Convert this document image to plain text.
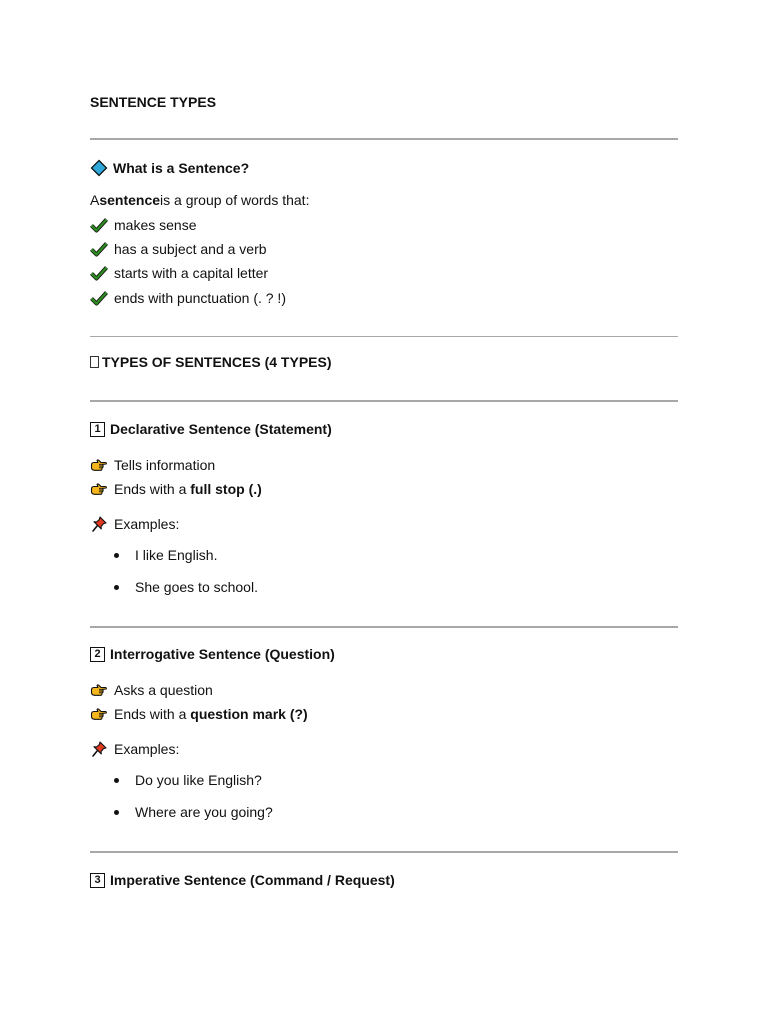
SENTENCE TYPES
What is a Sentence?
A sentence is a group of words that:
makes sense
has a subject and a verb
starts with a capital letter
ends with punctuation (. ? !)
TYPES OF SENTENCES (4 TYPES)
1 Declarative Sentence (Statement)
Tells information
Ends with a full stop (.)
Examples:
I like English.
She goes to school.
2 Interrogative Sentence (Question)
Asks a question
Ends with a question mark (?)
Examples:
Do you like English?
Where are you going?
3 Imperative Sentence (Command / Request)
